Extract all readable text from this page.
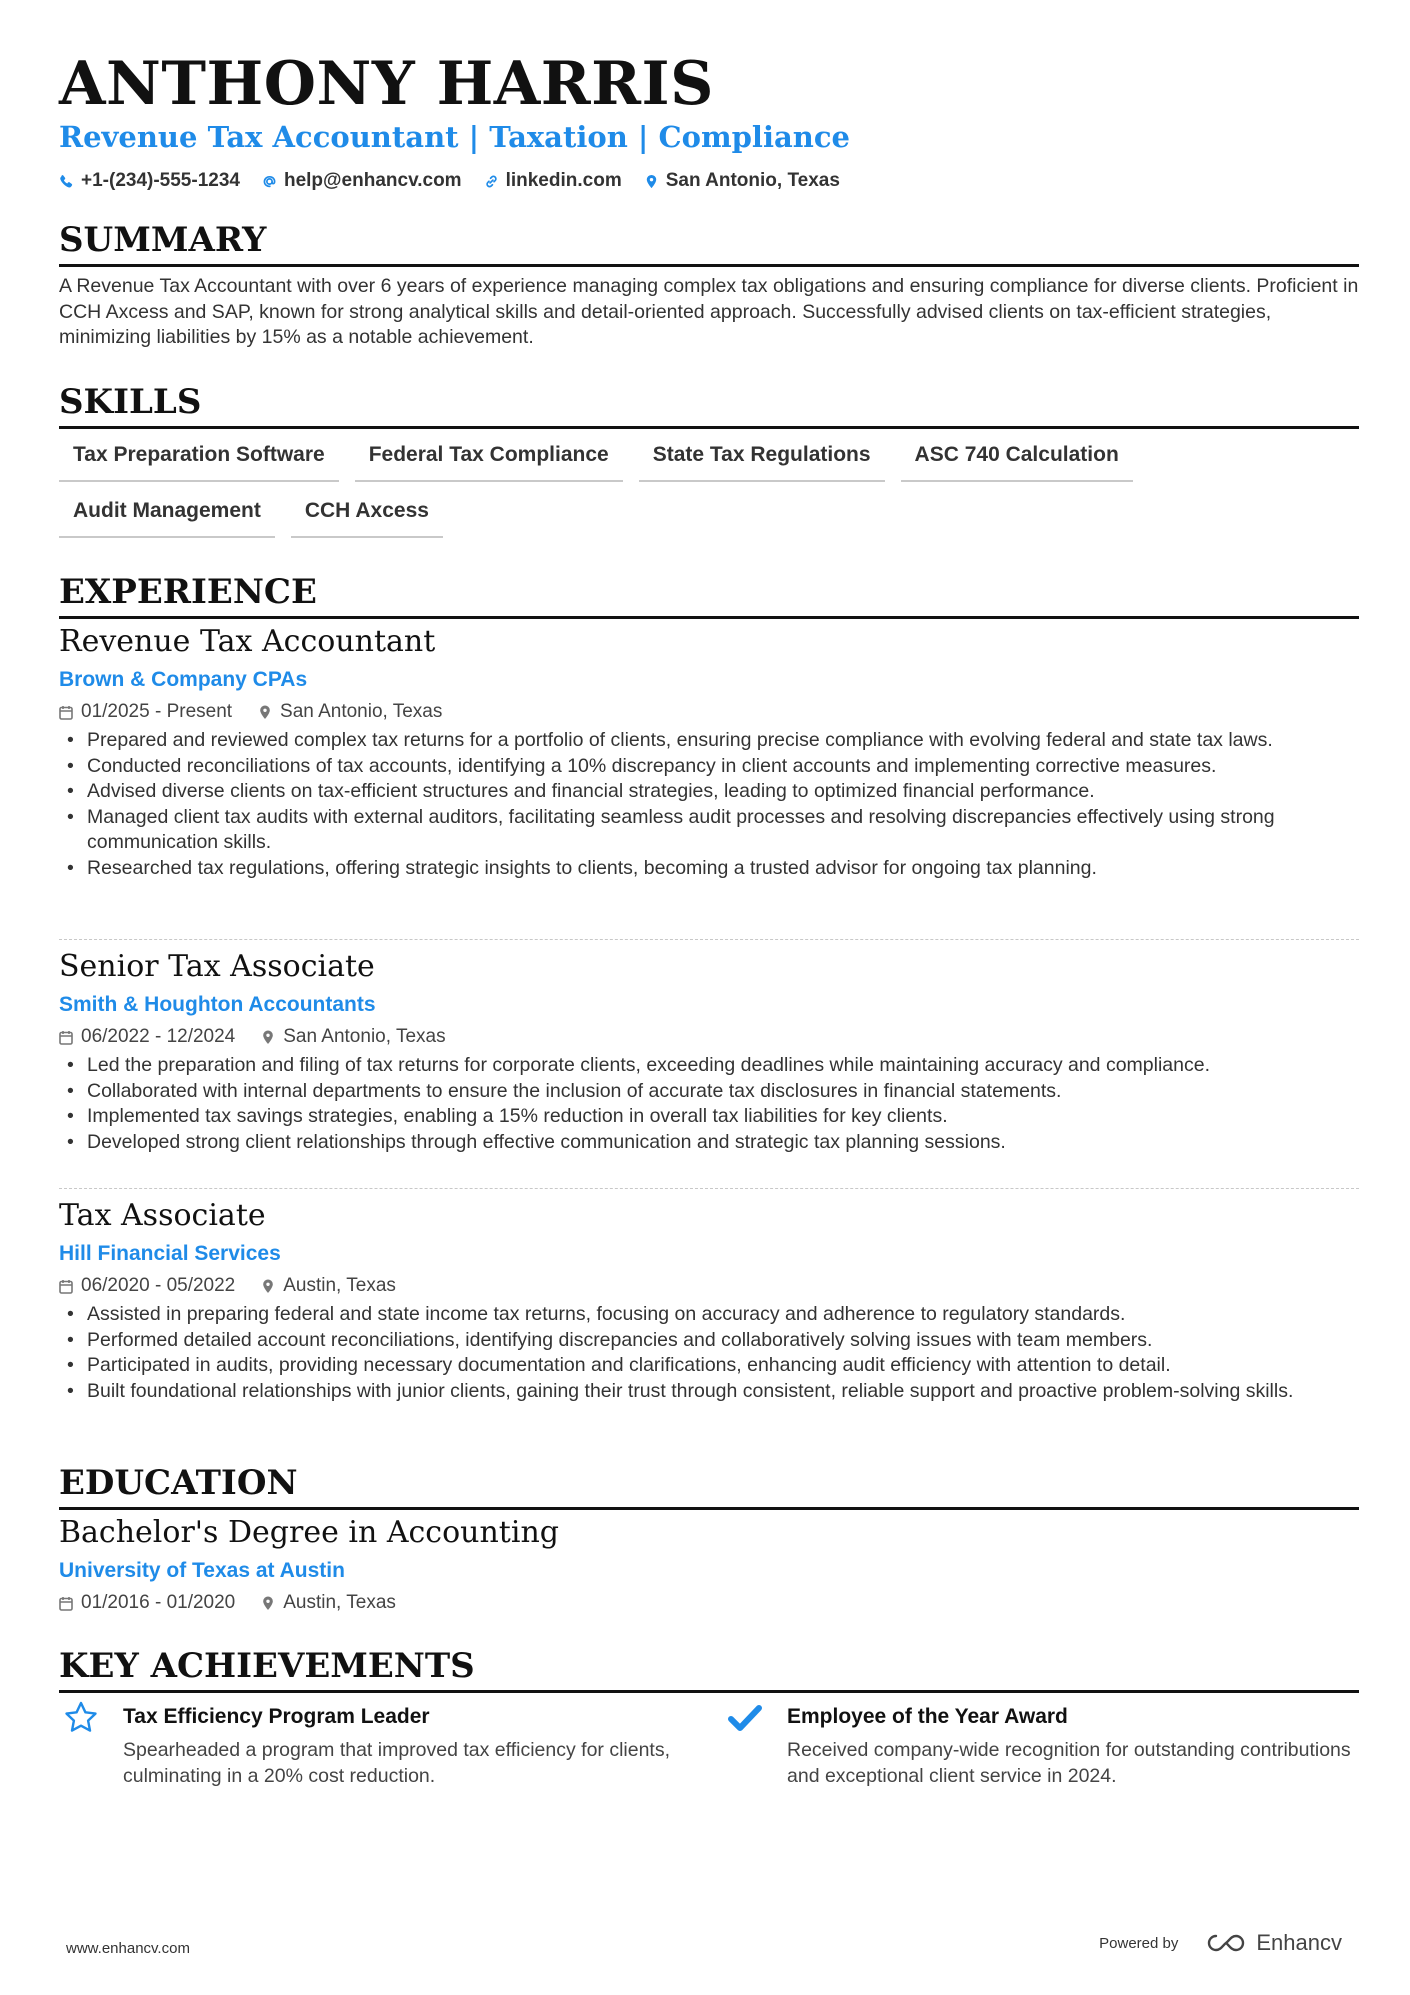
ANTHONY HARRIS
Revenue Tax Accountant | Taxation | Compliance
+1-(234)-555-1234 help@enhancv.com linkedin.com San Antonio, Texas
SUMMARY
A Revenue Tax Accountant with over 6 years of experience managing complex tax obligations and ensuring compliance for diverse clients. Proficient in CCH Axcess and SAP, known for strong analytical skills and detail-oriented approach. Successfully advised clients on tax-efficient strategies, minimizing liabilities by 15% as a notable achievement.
SKILLS
Tax Preparation Software	Federal Tax Compliance	State Tax Regulations	ASC 740 Calculation
Audit Management	CCH Axcess
EXPERIENCE
Revenue Tax Accountant
Brown & Company CPAs
01/2025 - Present	San Antonio, Texas
• Prepared and reviewed complex tax returns for a portfolio of clients, ensuring precise compliance with evolving federal and state tax laws.
• Conducted reconciliations of tax accounts, identifying a 10% discrepancy in client accounts and implementing corrective measures.
• Advised diverse clients on tax-efficient structures and financial strategies, leading to optimized financial performance.
• Managed client tax audits with external auditors, facilitating seamless audit processes and resolving discrepancies effectively using strong communication skills.
• Researched tax regulations, offering strategic insights to clients, becoming a trusted advisor for ongoing tax planning.
Senior Tax Associate
Smith & Houghton Accountants
06/2022 - 12/2024	San Antonio, Texas
• Led the preparation and filing of tax returns for corporate clients, exceeding deadlines while maintaining accuracy and compliance.
• Collaborated with internal departments to ensure the inclusion of accurate tax disclosures in financial statements.
• Implemented tax savings strategies, enabling a 15% reduction in overall tax liabilities for key clients.
• Developed strong client relationships through effective communication and strategic tax planning sessions.
Tax Associate
Hill Financial Services
06/2020 - 05/2022	Austin, Texas
• Assisted in preparing federal and state income tax returns, focusing on accuracy and adherence to regulatory standards.
• Performed detailed account reconciliations, identifying discrepancies and collaboratively solving issues with team members.
• Participated in audits, providing necessary documentation and clarifications, enhancing audit efficiency with attention to detail.
• Built foundational relationships with junior clients, gaining their trust through consistent, reliable support and proactive problem-solving skills.
EDUCATION
Bachelor's Degree in Accounting
University of Texas at Austin
01/2016 - 01/2020	Austin, Texas
KEY ACHIEVEMENTS
Tax Efficiency Program Leader
Spearheaded a program that improved tax efficiency for clients, culminating in a 20% cost reduction.
Employee of the Year Award
Received company-wide recognition for outstanding contributions and exceptional client service in 2024.
www.enhancv.com	Powered by	Enhancv
